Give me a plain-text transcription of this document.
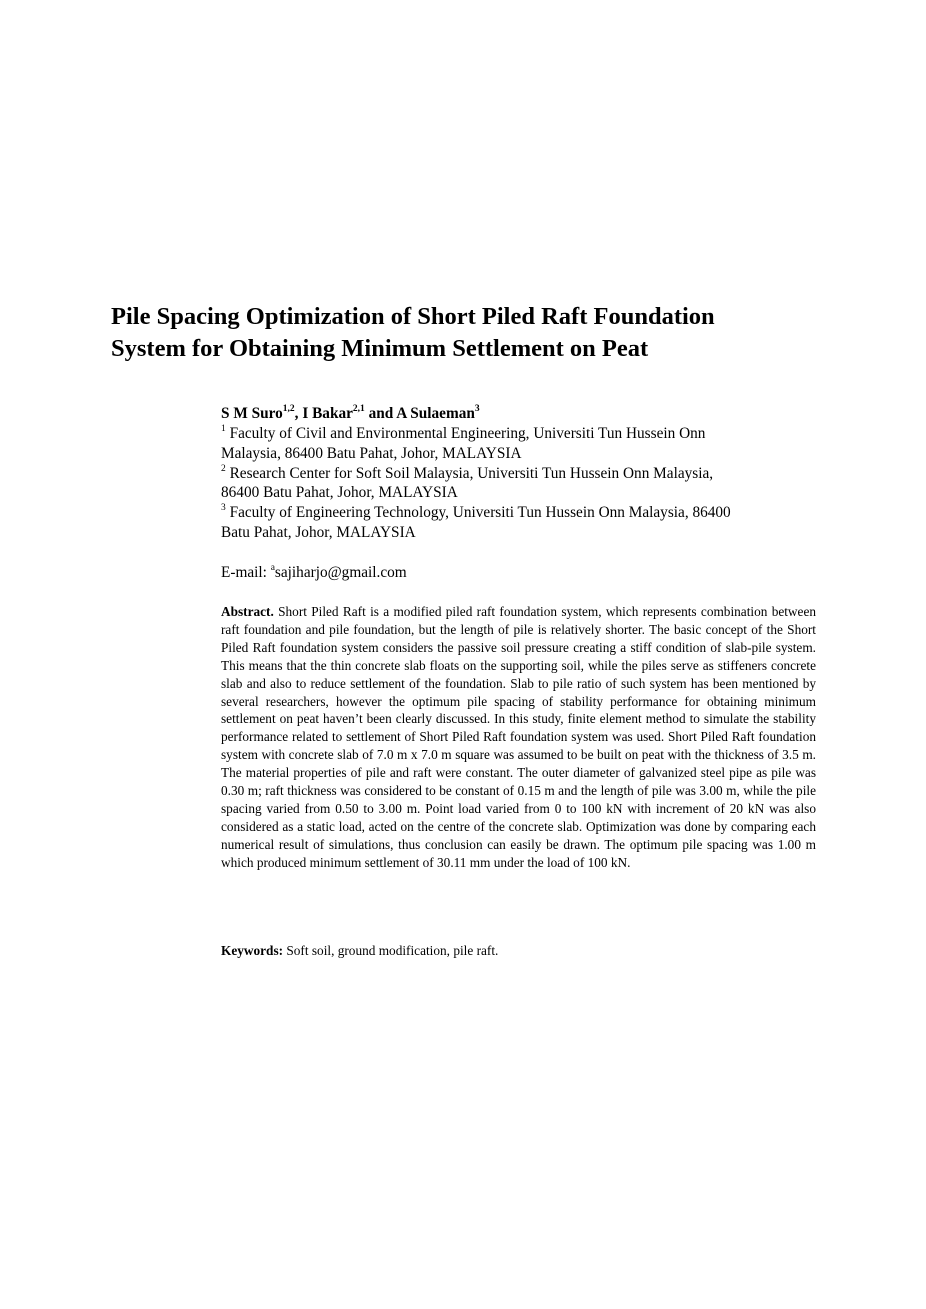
Pile Spacing Optimization of Short Piled Raft Foundation
System for Obtaining Minimum Settlement on Peat

S M Suro$^{1,2}$, I Bakar$^{2,1}$ and A Sulaeman$^3$

$^1$ Faculty of Civil and Environmental Engineering, Universiti Tun Hussein Onn
Malaysia, 86400 Batu Pahat, Johor, MALAYSIA

$^2$ Research Center for Soft Soil Malaysia, Universiti Tun Hussein Onn Malaysia,
86400 Batu Pahat, Johor, MALAYSIA

$^3$ Faculty of Engineering Technology, Universiti Tun Hussein Onn Malaysia, 86400
Batu Pahat, Johor, MALAYSIA

E-mail: $^a$sajiharjo@gmail.com

Abstract. Short Piled Raft is a modified piled raft foundation system, which represents combination between raft foundation and pile foundation, but the length of pile is relatively shorter. The basic concept of the Short Piled Raft foundation system considers the passive soil pressure creating a stiff condition of slab-pile system. This means that the thin concrete slab floats on the supporting soil, while the piles serve as stiffeners concrete slab and also to reduce settlement of the foundation. Slab to pile ratio of such system has been mentioned by several researchers, however the optimum pile spacing of stability performance for obtaining minimum settlement on peat haven’t been clearly discussed. In this study, finite element method to simulate the stability performance related to settlement of Short Piled Raft foundation system was used. Short Piled Raft foundation system with concrete slab of 7.0 m x 7.0 m square was assumed to be built on peat with the thickness of 3.5 m. The material properties of pile and raft were constant. The outer diameter of galvanized steel pipe as pile was 0.30 m; raft thickness was considered to be constant of 0.15 m and the length of pile was 3.00 m, while the pile spacing varied from 0.50 to 3.00 m. Point load varied from 0 to 100 kN with increment of 20 kN was also considered as a static load, acted on the centre of the concrete slab. Optimization was done by comparing each numerical result of simulations, thus conclusion can easily be drawn. The optimum pile spacing was 1.00 m which produced minimum settlement of 30.11 mm under the load of 100 kN.

Keywords: Soft soil, ground modification, pile raft.
